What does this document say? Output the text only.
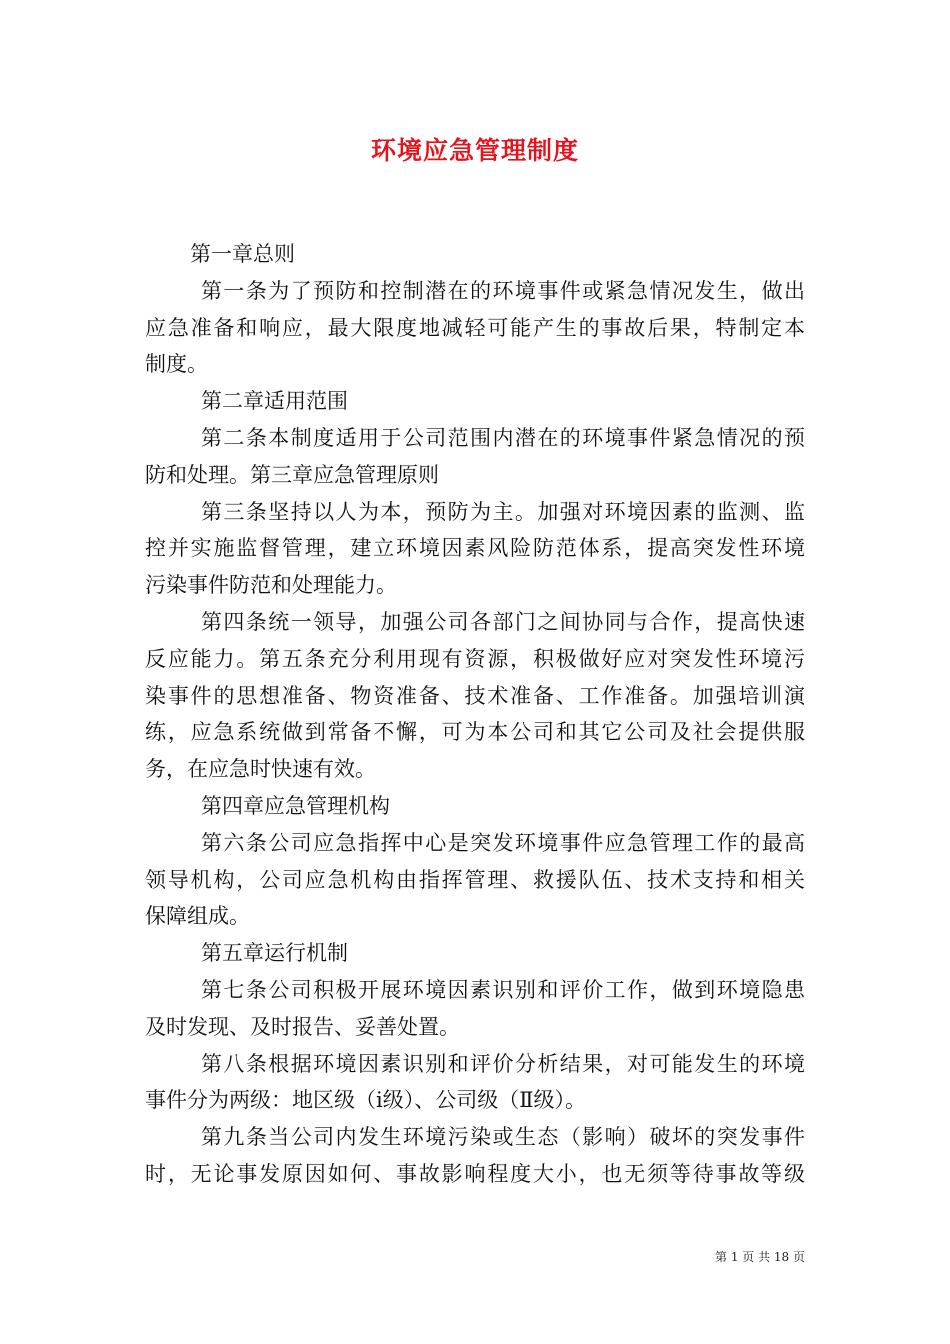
环境应急管理制度
第一章总则
第一条为了预防和控制潜在的环境事件或紧急情况发生，做出
应急准备和响应，最大限度地减轻可能产生的事故后果，特制定本
制度。
第二章适用范围
第二条本制度适用于公司范围内潜在的环境事件紧急情况的预
防和处理。第三章应急管理原则
第三条坚持以人为本，预防为主。加强对环境因素的监测、监
控并实施监督管理，建立环境因素风险防范体系，提高突发性环境
污染事件防范和处理能力。
第四条统一领导，加强公司各部门之间协同与合作，提高快速
反应能力。第五条充分利用现有资源，积极做好应对突发性环境污
染事件的思想准备、物资准备、技术准备、工作准备。加强培训演
练，应急系统做到常备不懈，可为本公司和其它公司及社会提供服
务，在应急时快速有效。
第四章应急管理机构
第六条公司应急指挥中心是突发环境事件应急管理工作的最高
领导机构，公司应急机构由指挥管理、救援队伍、技术支持和相关
保障组成。
第五章运行机制
第七条公司积极开展环境因素识别和评价工作，做到环境隐患
及时发现、及时报告、妥善处置。
第八条根据环境因素识别和评价分析结果，对可能发生的环境
事件分为两级：地区级（ⅰ级）、公司级（Ⅱ级）。
第九条当公司内发生环境污染或生态（影响）破坏的突发事件
时，无论事发原因如何、事故影响程度大小，也无须等待事故等级
第 1 页 共 18 页
